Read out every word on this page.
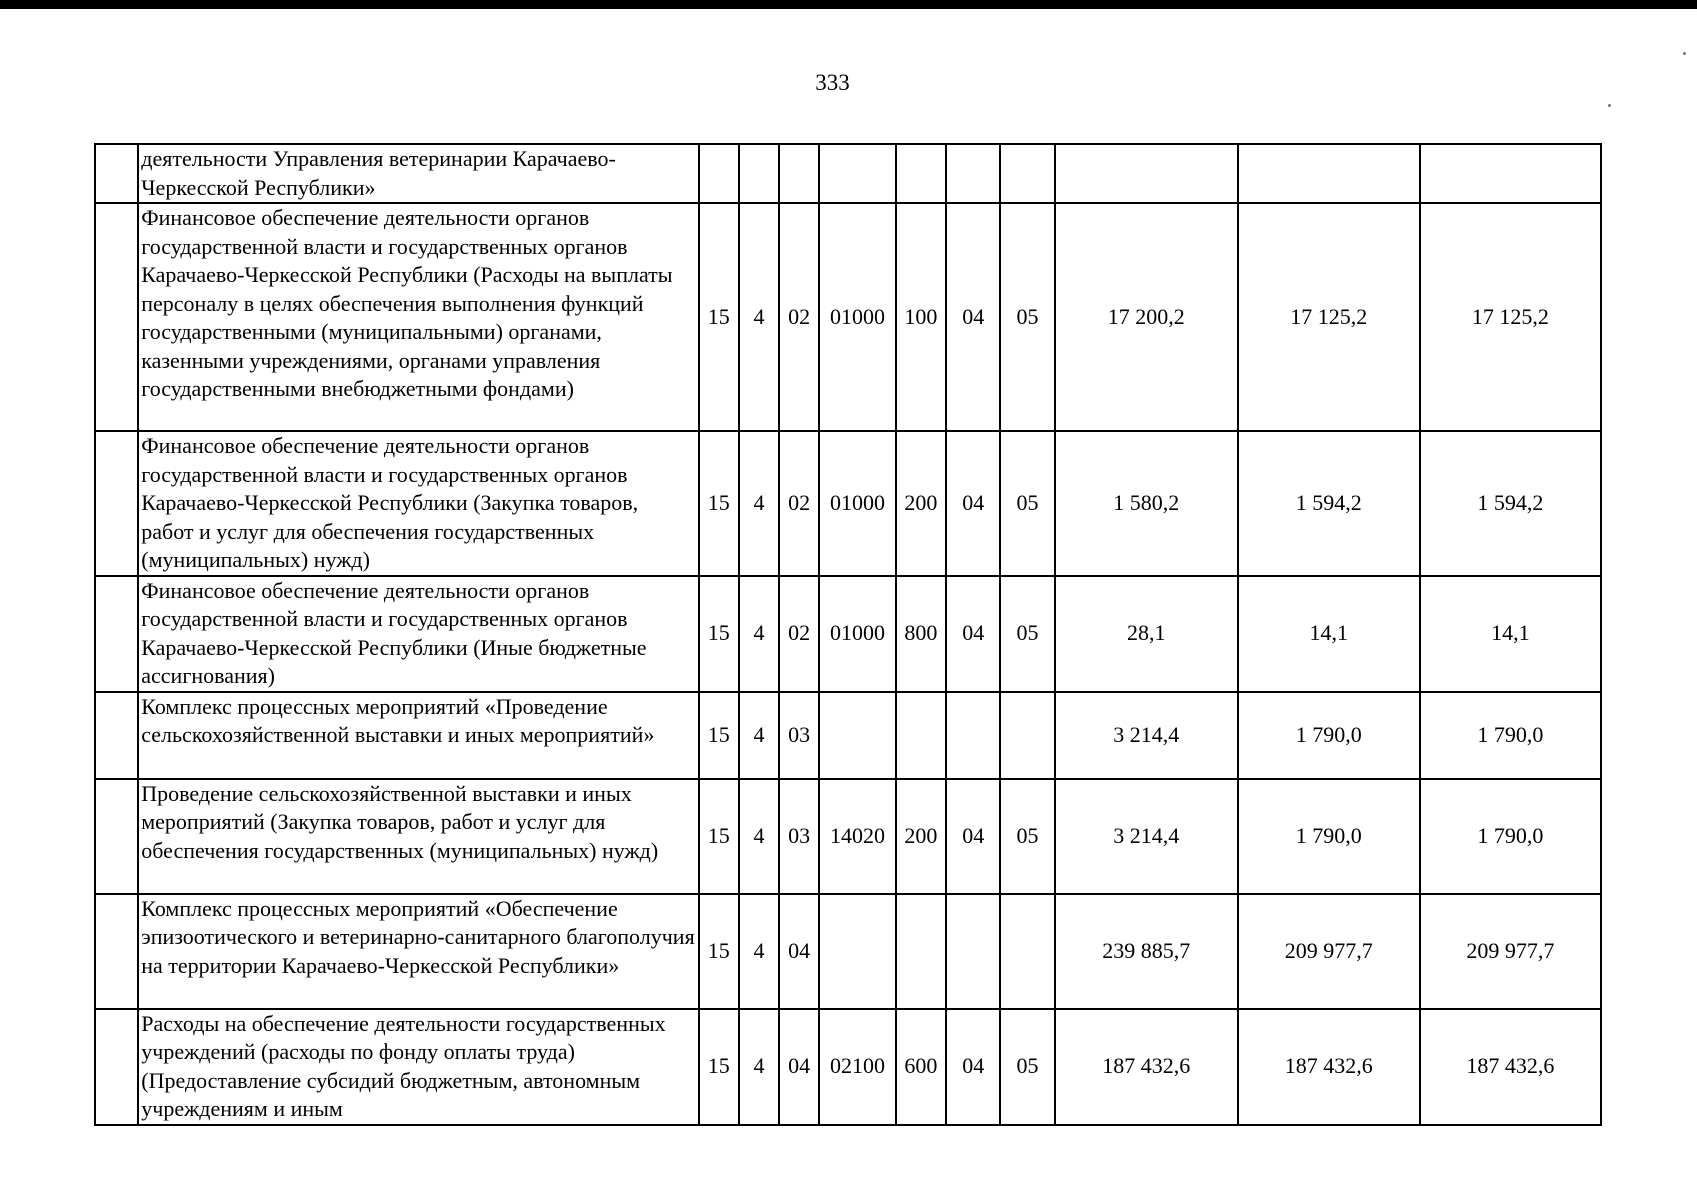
333
	деятельности Управления ветеринарии Карачаево-Черкесской Республики»										
	Финансовое обеспечение деятельности органов государственной власти и государственных органов Карачаево-Черкесской Республики (Расходы на выплаты персоналу в целях обеспечения выполнения функций государственными (муниципальными) органами, казенными учреждениями, органами управления государственными внебюджетными фондами)	15	4	02	01000	100	04	05	17 200,2	17 125,2	17 125,2
	Финансовое обеспечение деятельности органов государственной власти и государственных органов Карачаево-Черкесской Республики (Закупка товаров, работ и услуг для обеспечения государственных (муниципальных) нужд)	15	4	02	01000	200	04	05	1 580,2	1 594,2	1 594,2
	Финансовое обеспечение деятельности органов государственной власти и государственных органов Карачаево-Черкесской Республики (Иные бюджетные ассигнования)	15	4	02	01000	800	04	05	28,1	14,1	14,1
	Комплекс процессных мероприятий «Проведение сельскохозяйственной выставки и иных мероприятий»	15	4	03					3 214,4	1 790,0	1 790,0
	Проведение сельскохозяйственной выставки и иных мероприятий (Закупка товаров, работ и услуг для обеспечения государственных (муниципальных) нужд)	15	4	03	14020	200	04	05	3 214,4	1 790,0	1 790,0
	Комплекс процессных мероприятий «Обеспечение эпизоотического и ветеринарно-санитарного благополучия на территории Карачаево-Черкесской Республики»	15	4	04					239 885,7	209 977,7	209 977,7
	Расходы на обеспечение деятельности государственных учреждений (расходы по фонду оплаты труда) (Предоставление субсидий бюджетным, автономным учреждениям и иным	15	4	04	02100	600	04	05	187 432,6	187 432,6	187 432,6
